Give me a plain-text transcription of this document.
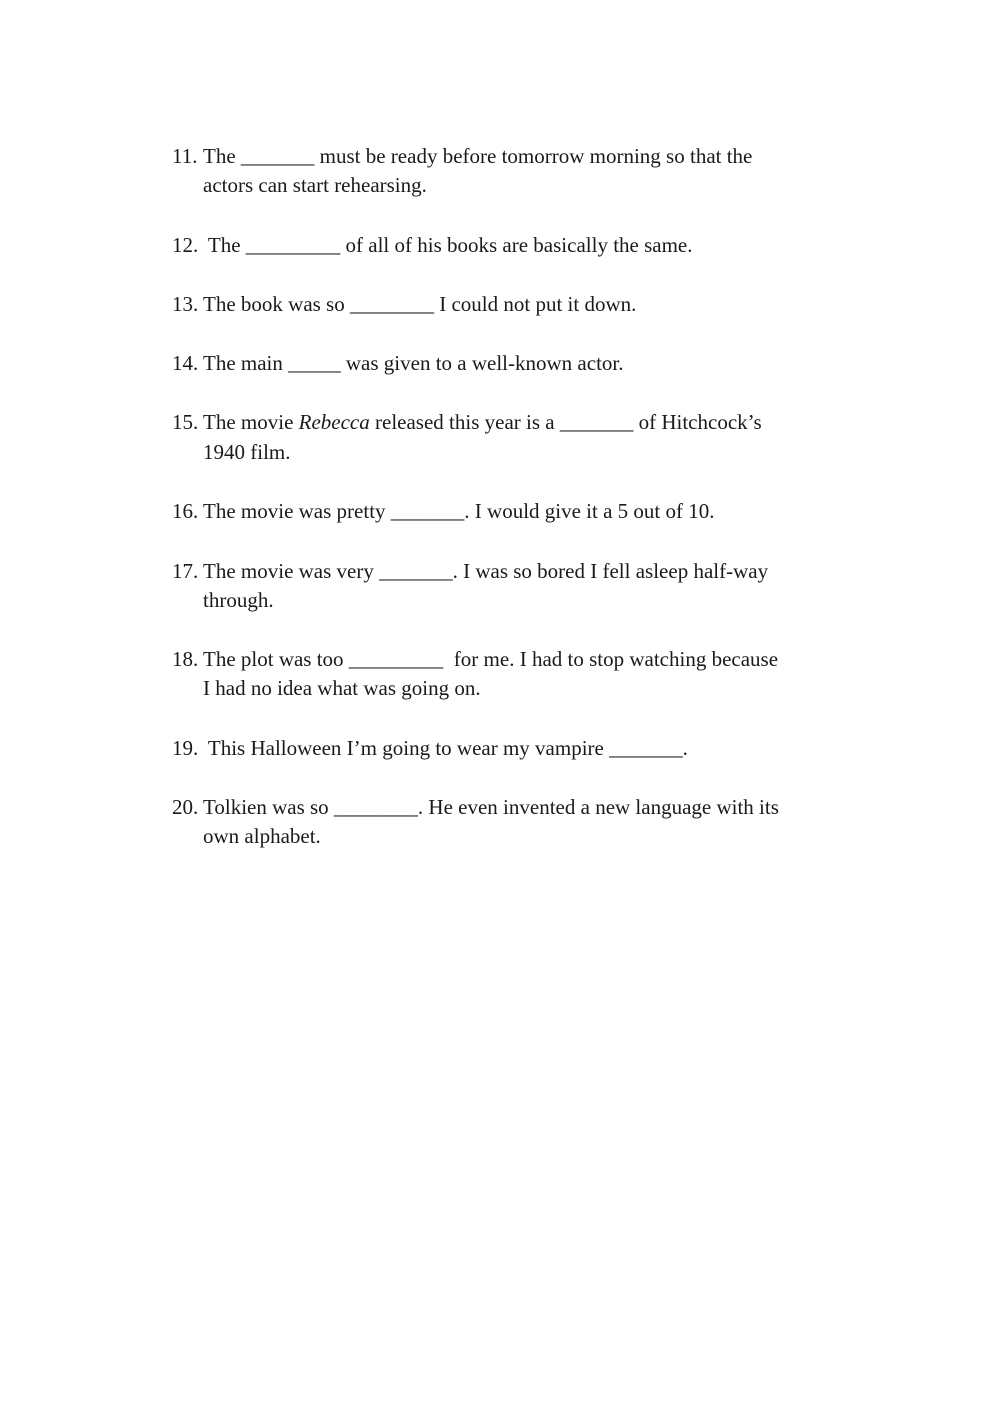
11. The _______ must be ready before tomorrow morning so that the
actors can start rehearsing.
12. The _________ of all of his books are basically the same.
13. The book was so ________ I could not put it down.
14. The main _____ was given to a well-known actor.
15. The movie Rebecca released this year is a _______ of Hitchcock’s
1940 film.
16. The movie was pretty _______. I would give it a 5 out of 10.
17. The movie was very _______. I was so bored I fell asleep half-way
through.
18. The plot was too _________  for me. I had to stop watching because
I had no idea what was going on.
19. This Halloween I’m going to wear my vampire _______.
20. Tolkien was so ________. He even invented a new language with its
own alphabet.
